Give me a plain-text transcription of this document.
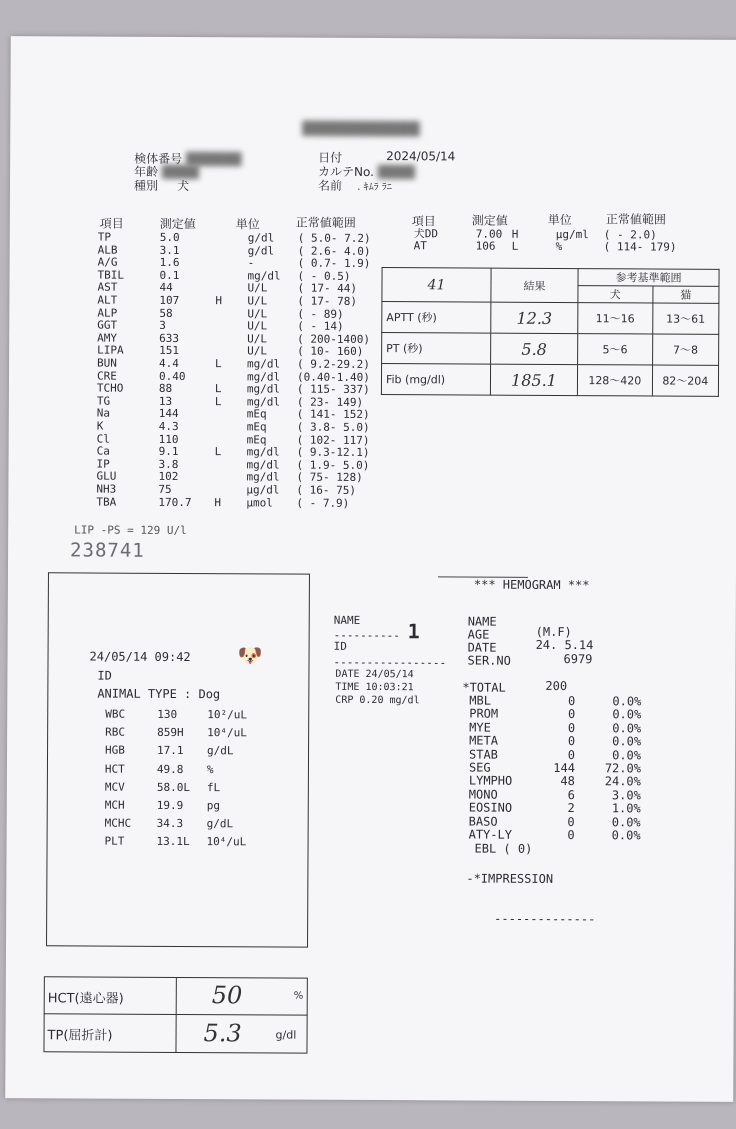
検体番号 ██████
年齢 ████
種別 犬
日付	2024/05/14
カルテNo. ████
名前 . ｷﾑﾗ ﾗﾆ
███████████████
項目	測定値	単位	正常値範囲
TP	5.0	g/dl ( 5.0- 7.2)
ALB	3.1	g/dl ( 2.6- 4.0)
A/G	1.6	-	( 0.7- 1.9)
TBIL	0.1	mg/dl ( - 0.5)
AST	44	U/L	( 17- 44)
ALT	107	H U/L	( 17- 78)
ALP	58	U/L	( - 89)
GGT	3	U/L	( - 14)
AMY	633	U/L	( 200-1400)
LIPA	151	U/L	( 10- 160)
BUN	4.4	L mg/dl ( 9.2-29.2)
CRE	0.40	mg/dl (0.40-1.40)
TCHO	88	L mg/dl ( 115- 337)
TG	13	L mg/dl ( 23- 149)
Na	144	mEq	( 141- 152)
K	4.3	mEq	( 3.8- 5.0)
Cl	110	mEq	( 102- 117)
Ca	9.1	L mg/dl ( 9.3-12.1)
IP	3.8	mg/dl ( 1.9- 5.0)
GLU	102	mg/dl ( 75- 128)
NH3	75	μg/dl ( 16- 75)
TBA	170.7 H μmol ( - 7.9)
LIP -PS = 129 U/l
238741
項目	測定値	単位	正常値範囲
犬DD	7.00 H	μg/ml ( - 2.0)
AT	106 L	%	( 114- 179)
41	結果	参考基準範囲	
		犬	猫
APTT (秒)	12.3	11〜16	13〜61
PT (秒)	5.8	5〜6	7〜8
Fib (mg/dl)	185.1	128〜420	82〜204
24/05/14 09:42 🐶
ID
ANIMAL TYPE : Dog
WBC	130	10²/uL
RBC	859H 10⁴/uL
HGB	17.1 g/dL
HCT	49.8 %
MCV	58.0L fL
MCH	19.9 pg
MCHC 34.3 g/dL
PLT	13.1L 10⁴/uL
NAME
---------- 1
ID
-----------------
DATE 24/05/14
TIME 10:03:21
CRP 0.20 mg/dl
*** HEMOGRAM ***
NAME
AGE	(M.F)
DATE	24. 5.14
SER.NO	6979
*TOTAL	200
MBL	0	0.0%
PROM	0	0.0%
MYE	0	0.0%
META	0	0.0%
STAB	0	0.0%
SEG	144 72.0%
LYMPHO	48 24.0%
MONO	6	3.0%
EOSINO	2	1.0%
BASO	0	0.0%
ATY-LY	0	0.0%
EBL ( 0)
-*IMPRESSION
--------------
HCT(遠心器)	50	%
TP(屈折計)	5.3	g/dl
